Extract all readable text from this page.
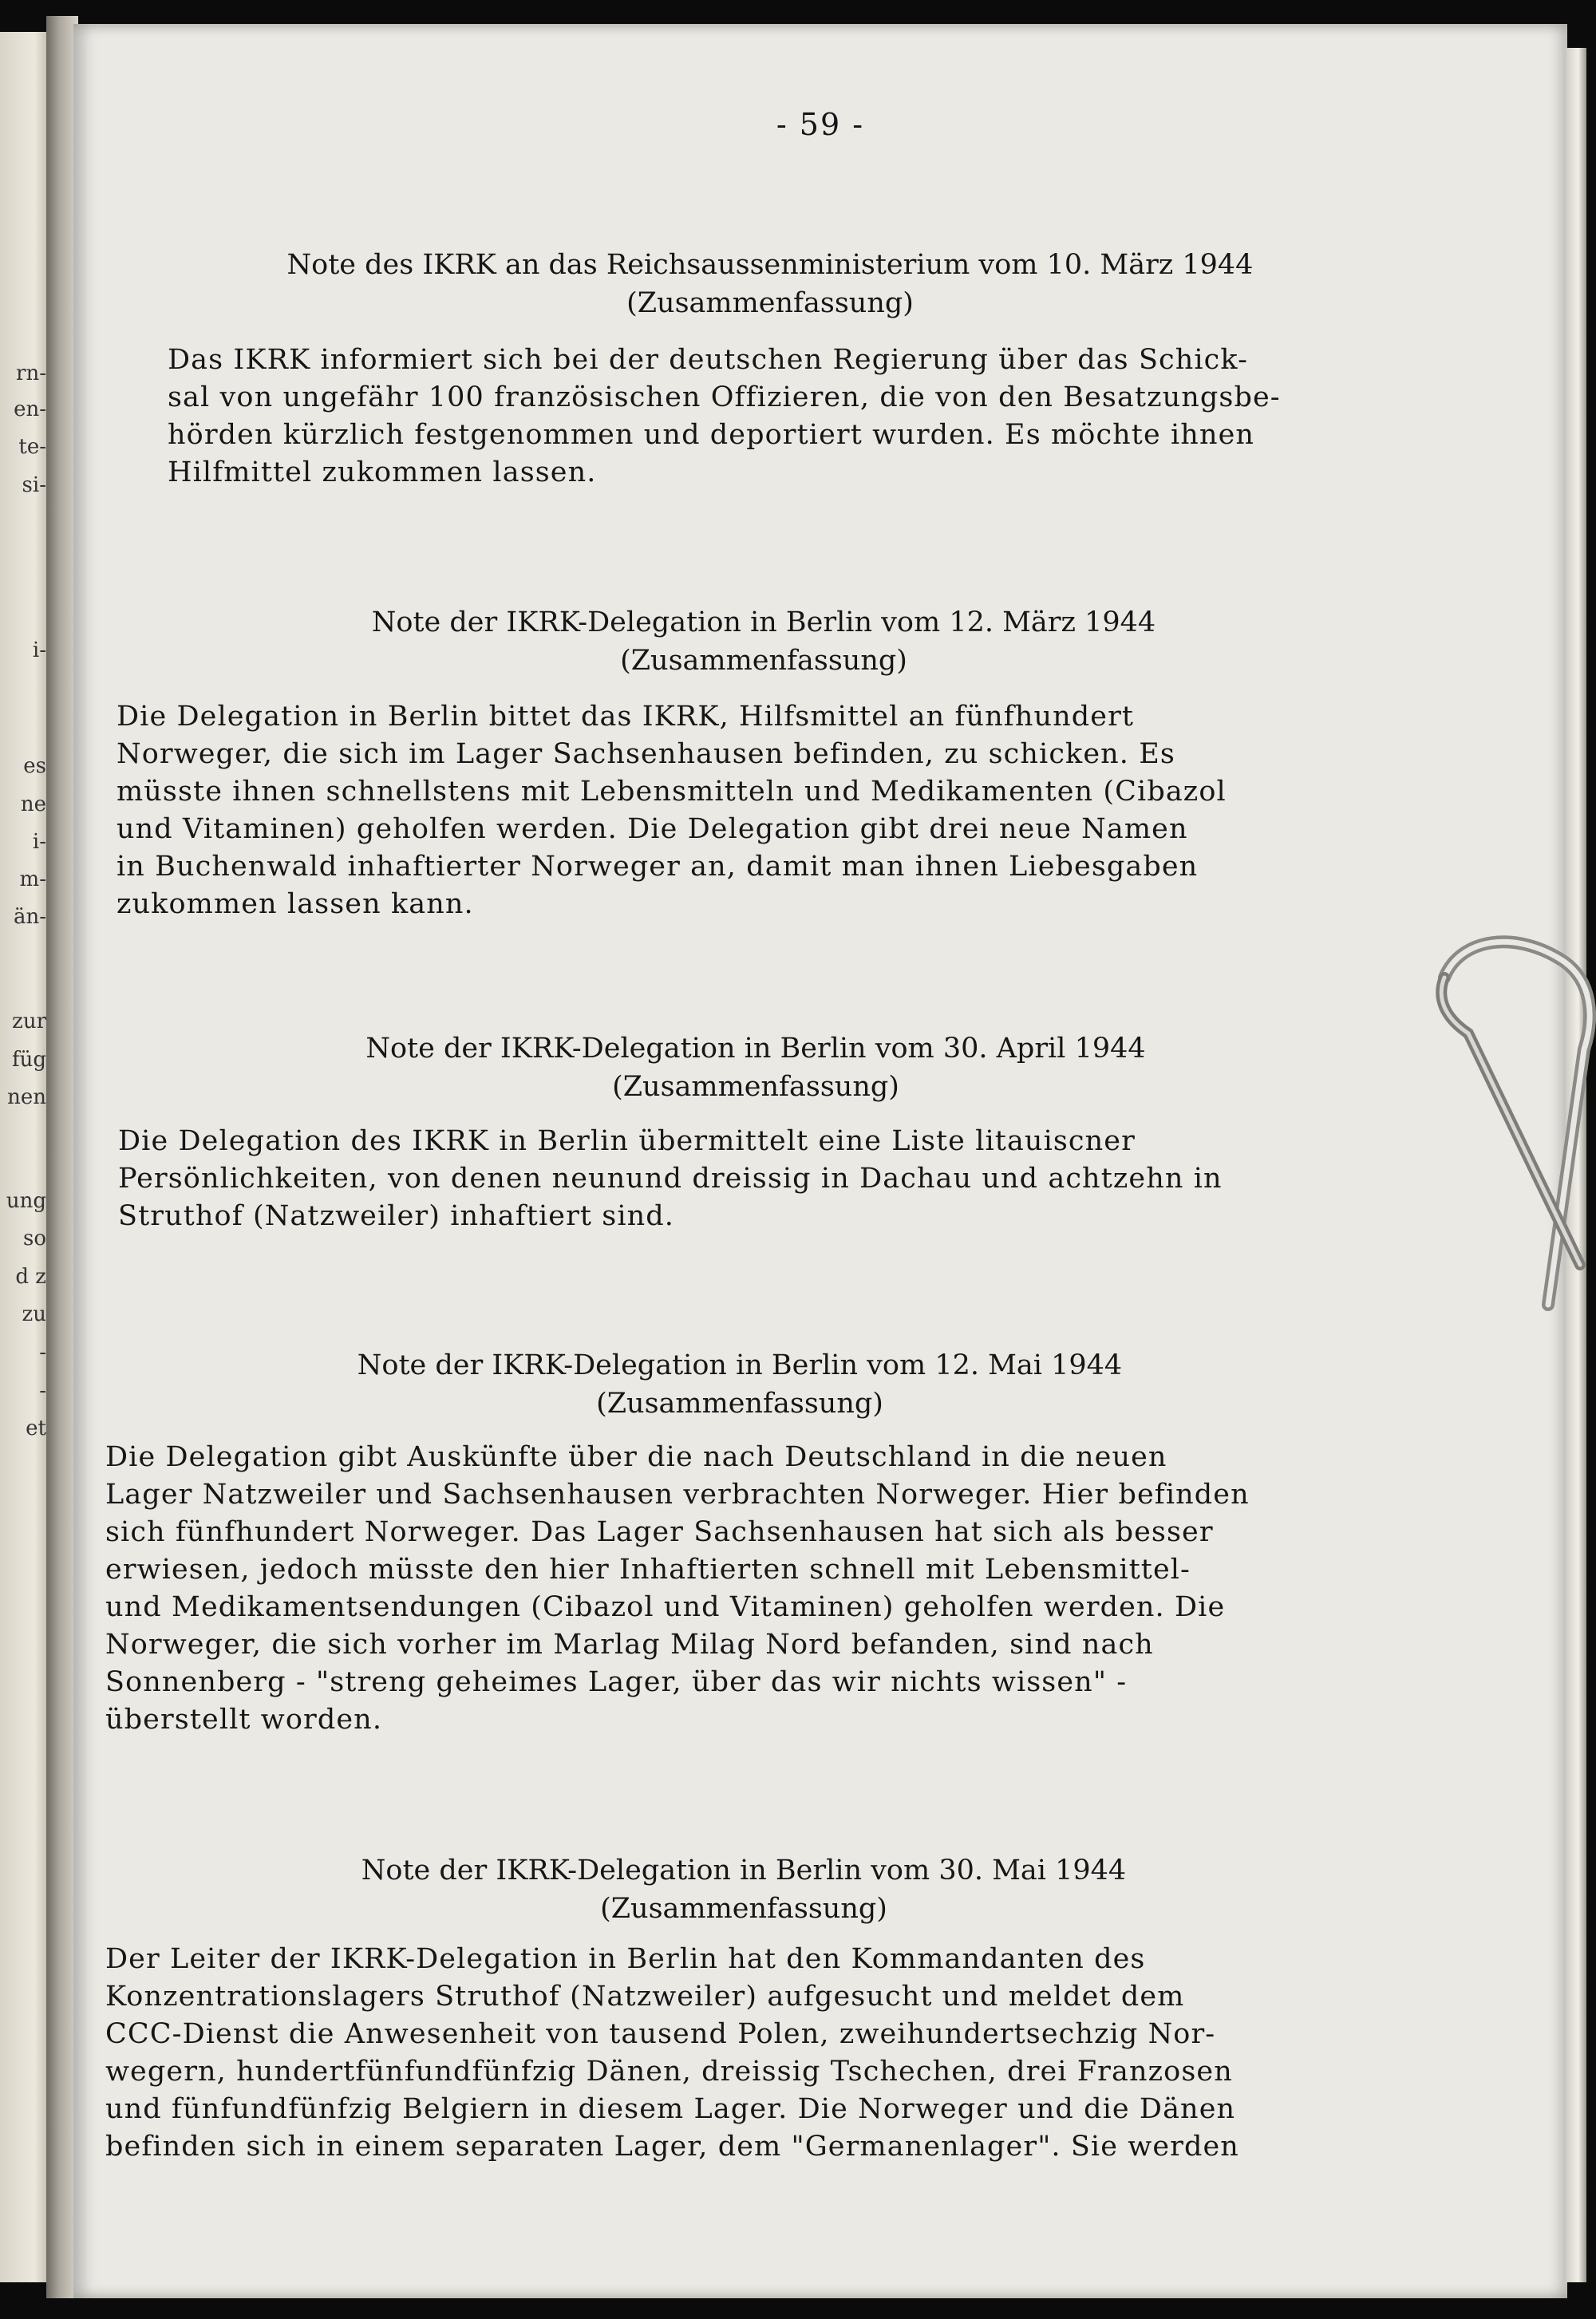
rn-
en-
te-
si-
i-
es
ne
i-
m-
än-
zur
füg
nen
ung
so
d z
zu
-
-
et
- 59 -
Note des IKRK an das Reichsaussenministerium vom 10. März 1944
(Zusammenfassung)
Das IKRK informiert sich bei der deutschen Regierung über das Schick-
sal von ungefähr 100 französischen Offizieren, die von den Besatzungsbe-
hörden kürzlich festgenommen und deportiert wurden. Es möchte ihnen
Hilfmittel zukommen lassen.
Note der IKRK-Delegation in Berlin vom 12. März 1944
(Zusammenfassung)
Die Delegation in Berlin bittet das IKRK, Hilfsmittel an fünfhundert
Norweger, die sich im Lager Sachsenhausen befinden, zu schicken. Es
müsste ihnen schnellstens mit Lebensmitteln und Medikamenten (Cibazol
und Vitaminen) geholfen werden. Die Delegation gibt drei neue Namen
in Buchenwald inhaftierter Norweger an, damit man ihnen Liebesgaben
zukommen lassen kann.
Note der IKRK-Delegation in Berlin vom 30. April 1944
(Zusammenfassung)
Die Delegation des IKRK in Berlin übermittelt eine Liste litauiscner
Persönlichkeiten, von denen neunund dreissig in Dachau und achtzehn in
Struthof (Natzweiler) inhaftiert sind.
Note der IKRK-Delegation in Berlin vom 12. Mai 1944
(Zusammenfassung)
Die Delegation gibt Auskünfte über die nach Deutschland in die neuen
Lager Natzweiler und Sachsenhausen verbrachten Norweger. Hier befinden
sich fünfhundert Norweger. Das Lager Sachsenhausen hat sich als besser
erwiesen, jedoch müsste den hier Inhaftierten schnell mit Lebensmittel-
und Medikamentsendungen (Cibazol und Vitaminen) geholfen werden. Die
Norweger, die sich vorher im Marlag Milag Nord befanden, sind nach
Sonnenberg - "streng geheimes Lager, über das wir nichts wissen" -
überstellt worden.
Note der IKRK-Delegation in Berlin vom 30. Mai 1944
(Zusammenfassung)
Der Leiter der IKRK-Delegation in Berlin hat den Kommandanten des
Konzentrationslagers Struthof (Natzweiler) aufgesucht und meldet dem
CCC-Dienst die Anwesenheit von tausend Polen, zweihundertsechzig Nor-
wegern, hundertfünfundfünfzig Dänen, dreissig Tschechen, drei Franzosen
und fünfundfünfzig Belgiern in diesem Lager. Die Norweger und die Dänen
befinden sich in einem separaten Lager, dem "Germanenlager". Sie werden
